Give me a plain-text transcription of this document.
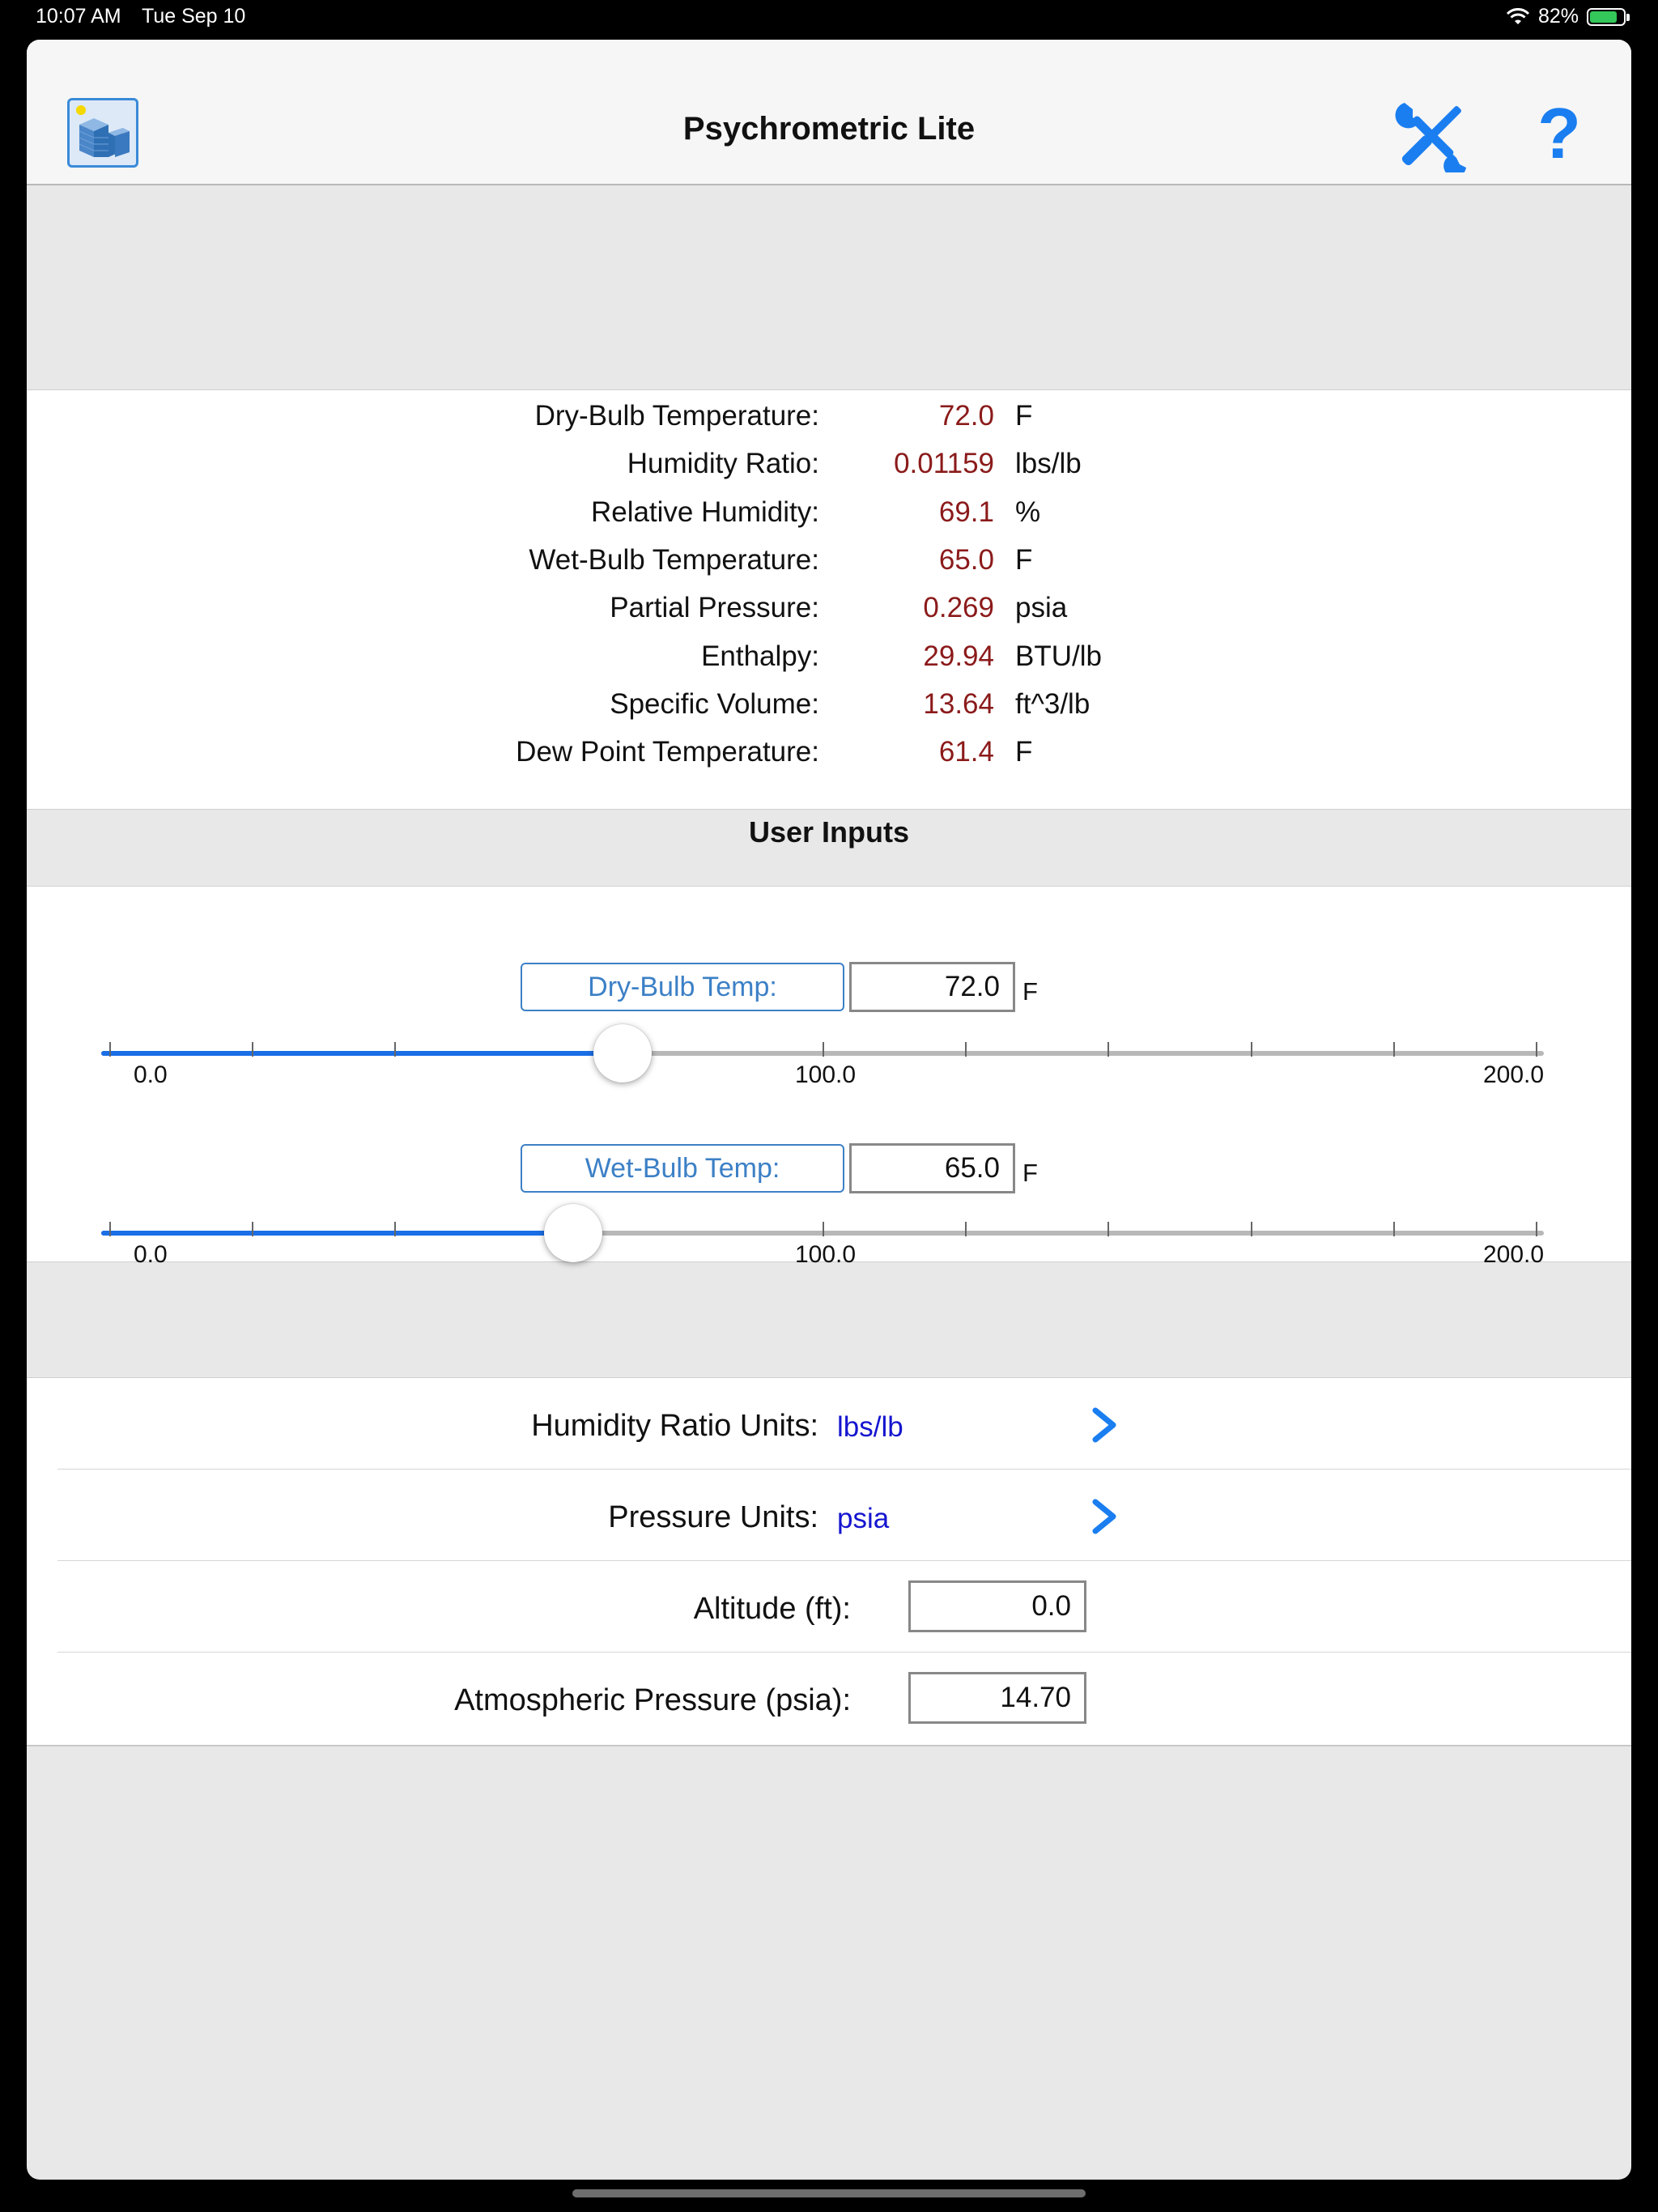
10:07 AM Tue Sep 10	82%
Psychrometric Lite	?
Dry-Bulb Temperature:	72.0 F
Humidity Ratio:	0.01159 lbs/lb
Relative Humidity:	69.1 %
Wet-Bulb Temperature:	65.0 F
Partial Pressure:	0.269 psia
Enthalpy:	29.94 BTU/lb
Specific Volume:	13.64 ft^3/lb
Dew Point Temperature:	61.4 F
User Inputs
Dry-Bulb Temp:	72.0 F
0.0	100.0	200.0
Wet-Bulb Temp:	65.0 F
0.0	100.0	200.0
Humidity Ratio Units: lbs/lb
Pressure Units: psia
Altitude (ft):	0.0
Atmospheric Pressure (psia):	14.70
